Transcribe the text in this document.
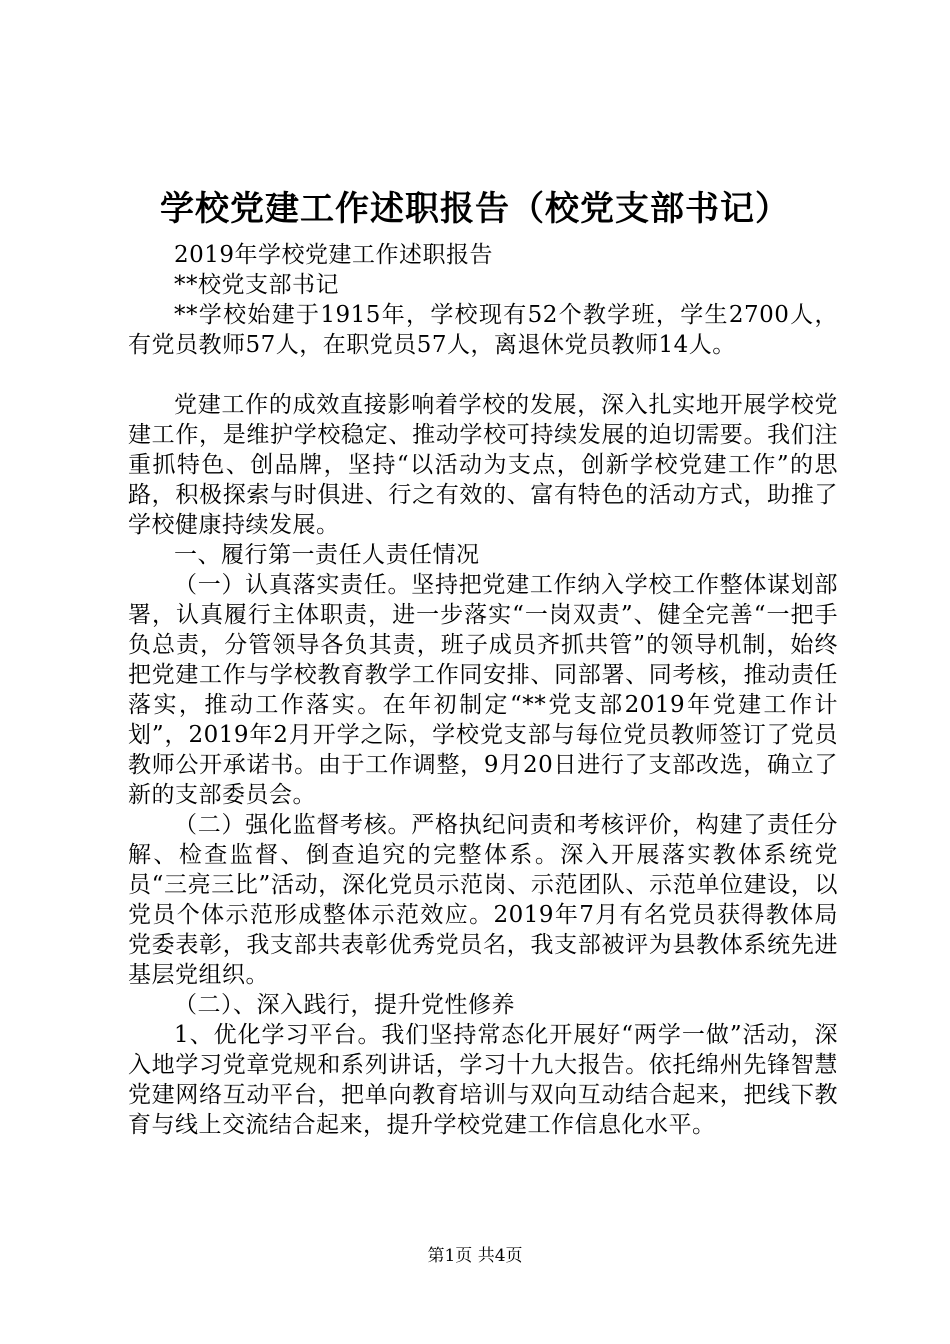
学校党建工作述职报告（校党支部书记）

2019年学校党建工作述职报告

**校党支部书记

**学校始建于1915年，学校现有52个教学班，学生2700人，有党员教师57人，在职党员57人，离退休党员教师14人。

党建工作的成效直接影响着学校的发展，深入扎实地开展学校党建工作，是维护学校稳定、推动学校可持续发展的迫切需要。我们注重抓特色、创品牌，坚持“以活动为支点，创新学校党建工作”的思路，积极探索与时俱进、行之有效的、富有特色的活动方式，助推了学校健康持续发展。

一、履行第一责任人责任情况

（一）认真落实责任。坚持把党建工作纳入学校工作整体谋划部署，认真履行主体职责，进一步落实“一岗双责”、健全完善“一把手负总责，分管领导各负其责，班子成员齐抓共管”的领导机制，始终把党建工作与学校教育教学工作同安排、同部署、同考核，推动责任落实，推动工作落实。在年初制定“**党支部2019年党建工作计划”，2019年2月开学之际，学校党支部与每位党员教师签订了党员教师公开承诺书。由于工作调整，9月20日进行了支部改选，确立了新的支部委员会。

（二）强化监督考核。严格执纪问责和考核评价，构建了责任分解、检查监督、倒查追究的完整体系。深入开展落实教体系统党员“三亮三比”活动，深化党员示范岗、示范团队、示范单位建设，以党员个体示范形成整体示范效应。2019年7月有名党员获得教体局党委表彰，我支部共表彰优秀党员名，我支部被评为县教体系统先进基层党组织。

（二）、深入践行，提升党性修养

1、优化学习平台。我们坚持常态化开展好“两学一做”活动，深入地学习党章党规和系列讲话，学习十九大报告。依托绵州先锋智慧党建网络互动平台，把单向教育培训与双向互动结合起来，把线下教育与线上交流结合起来，提升学校党建工作信息化水平。

第1页 共4页
